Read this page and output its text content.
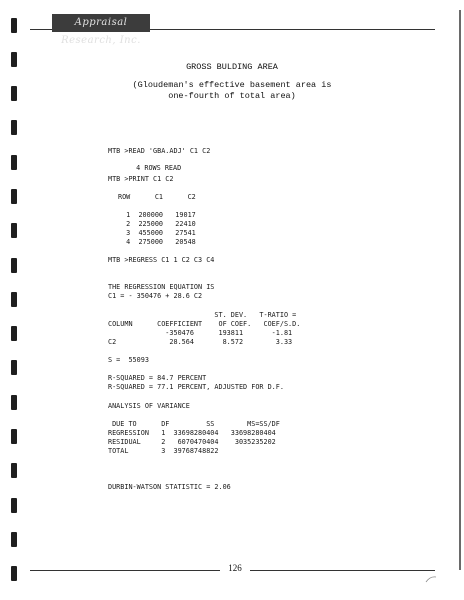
Appraisal Research, Inc.
GROSS BULDING AREA
(Gloudeman's effective basement area is
one-fourth of total area)
MTB >READ 'GBA.ADJ' C1 C2
4 ROWS READ
MTB >PRINT C1 C2
ROW      C1      C2
1  200000   19017
2  225000   22410
3  455000   27541
4  275000   20548
MTB >REGRESS C1 1 C2 C3 C4
THE REGRESSION EQUATION IS
C1 = - 350476 + 28.6 C2
ST. DEV.   T-RATIO =
COLUMN      COEFFICIENT    OF COEF.   COEF/S.D.
-350476      193811       -1.81
C2             28.564       8.572        3.33
S =  55093
R-SQUARED = 84.7 PERCENT
R-SQUARED = 77.1 PERCENT, ADJUSTED FOR D.F.
ANALYSIS OF VARIANCE
DUE TO      DF         SS        MS=SS/DF
REGRESSION   1  33698280404   33698280404
RESIDUAL     2   6070470404    3035235202
TOTAL        3  39768748822
DURBIN-WATSON STATISTIC = 2.06
126
